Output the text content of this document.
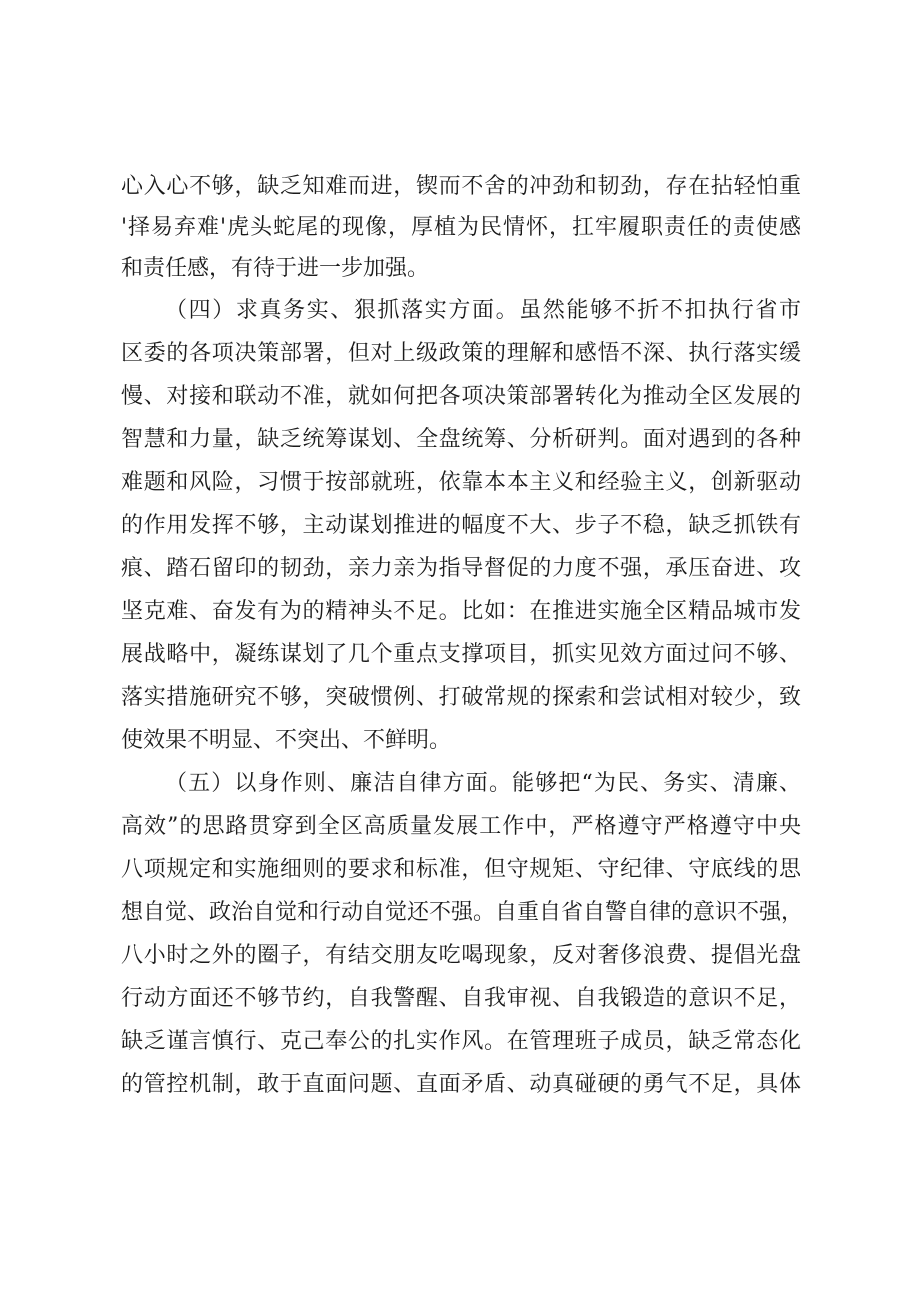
心入心不够，缺乏知难而进，锲而不舍的冲劲和韧劲，存在拈轻怕重
'择易弃难'虎头蛇尾的现像，厚植为民情怀，扛牢履职责任的责使感
和责任感，有待于进一步加强。
（四）求真务实、狠抓落实方面。虽然能够不折不扣执行省市
区委的各项决策部署，但对上级政策的理解和感悟不深、执行落实缓
慢、对接和联动不准，就如何把各项决策部署转化为推动全区发展的
智慧和力量，缺乏统筹谋划、全盘统筹、分析研判。面对遇到的各种
难题和风险，习惯于按部就班，依靠本本主义和经验主义，创新驱动
的作用发挥不够，主动谋划推进的幅度不大、步子不稳，缺乏抓铁有
痕、踏石留印的韧劲，亲力亲为指导督促的力度不强，承压奋进、攻
坚克难、奋发有为的精神头不足。比如：在推进实施全区精品城市发
展战略中，凝练谋划了几个重点支撑项目，抓实见效方面过问不够、
落实措施研究不够，突破惯例、打破常规的探索和尝试相对较少，致
使效果不明显、不突出、不鲜明。
（五）以身作则、廉洁自律方面。能够把“为民、务实、清廉、
高效”的思路贯穿到全区高质量发展工作中，严格遵守严格遵守中央
八项规定和实施细则的要求和标准，但守规矩、守纪律、守底线的思
想自觉、政治自觉和行动自觉还不强。自重自省自警自律的意识不强，
八小时之外的圈子，有结交朋友吃喝现象，反对奢侈浪费、提倡光盘
行动方面还不够节约，自我警醒、自我审视、自我锻造的意识不足，
缺乏谨言慎行、克己奉公的扎实作风。在管理班子成员，缺乏常态化
的管控机制，敢于直面问题、直面矛盾、动真碰硬的勇气不足，具体
